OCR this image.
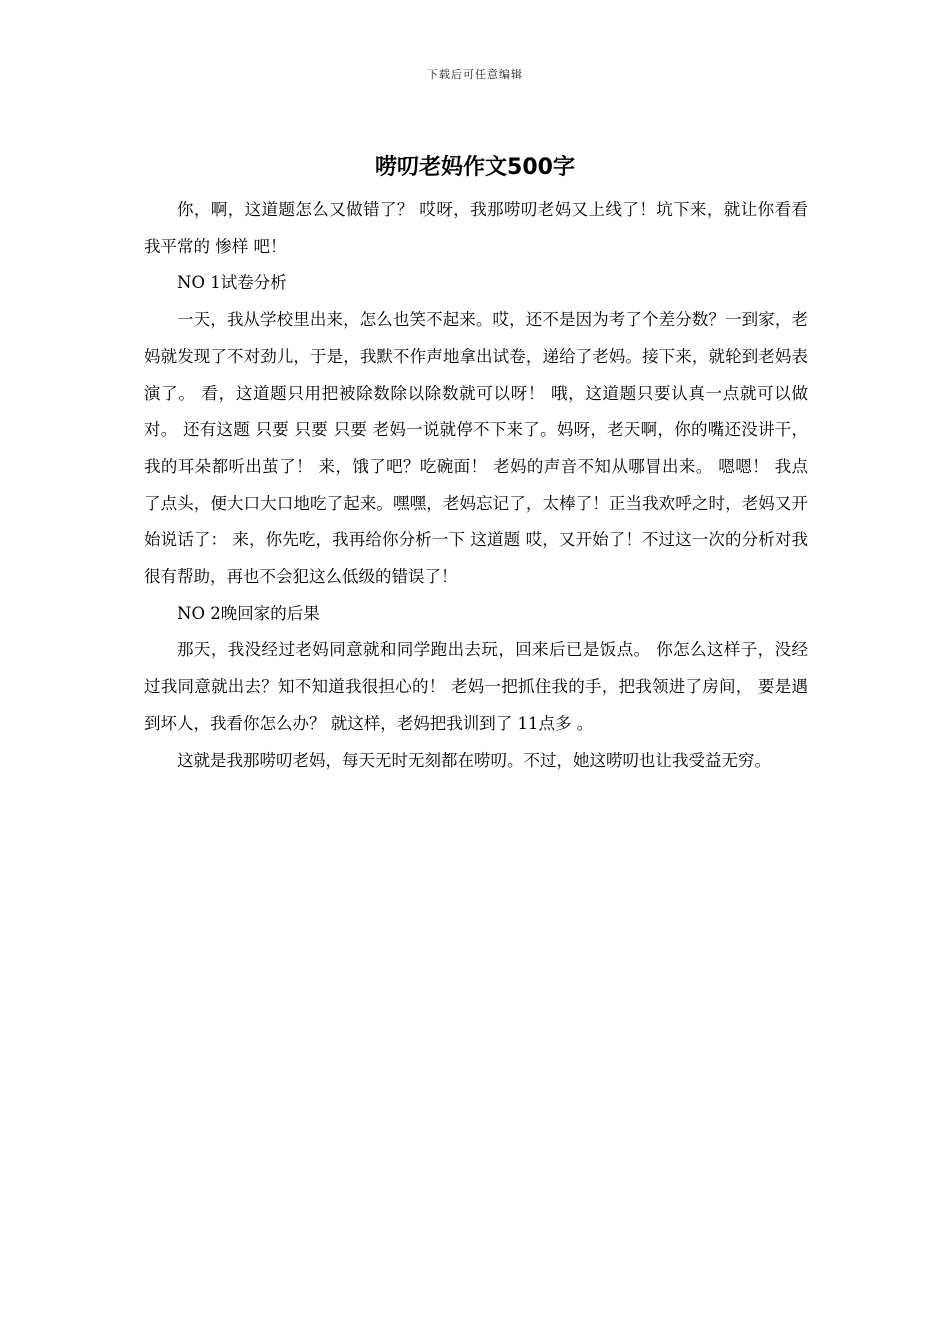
下载后可任意编辑
唠叨老妈作文500字

你，啊，这道题怎么又做错了？ 哎呀，我那唠叨老妈又上线了！坑下来，就让你看看我平常的 惨样 吧！

NO 1试卷分析

一天，我从学校里出来，怎么也笑不起来。哎，还不是因为考了个差分数？一到家，老妈就发现了不对劲儿，于是，我默不作声地拿出试卷，递给了老妈。接下来，就轮到老妈表演了。 看，这道题只用把被除数除以除数就可以呀！ 哦，这道题只要认真一点就可以做对。 还有这题 只要 只要 只要 老妈一说就停不下来了。妈呀，老天啊，你的嘴还没讲干，我的耳朵都听出茧了！ 来，饿了吧？吃碗面！ 老妈的声音不知从哪冒出来。 嗯嗯！ 我点了点头，便大口大口地吃了起来。嘿嘿，老妈忘记了，太棒了！正当我欢呼之时，老妈又开始说话了： 来，你先吃，我再给你分析一下 这道题 哎，又开始了！不过这一次的分析对我很有帮助，再也不会犯这么低级的错误了！

NO 2晚回家的后果

那天，我没经过老妈同意就和同学跑出去玩，回来后已是饭点。 你怎么这样子，没经过我同意就出去？知不知道我很担心的！ 老妈一把抓住我的手，把我领进了房间， 要是遇到坏人，我看你怎么办？ 就这样，老妈把我训到了 11点多 。

这就是我那唠叨老妈，每天无时无刻都在唠叨。不过，她这唠叨也让我受益无穷。
